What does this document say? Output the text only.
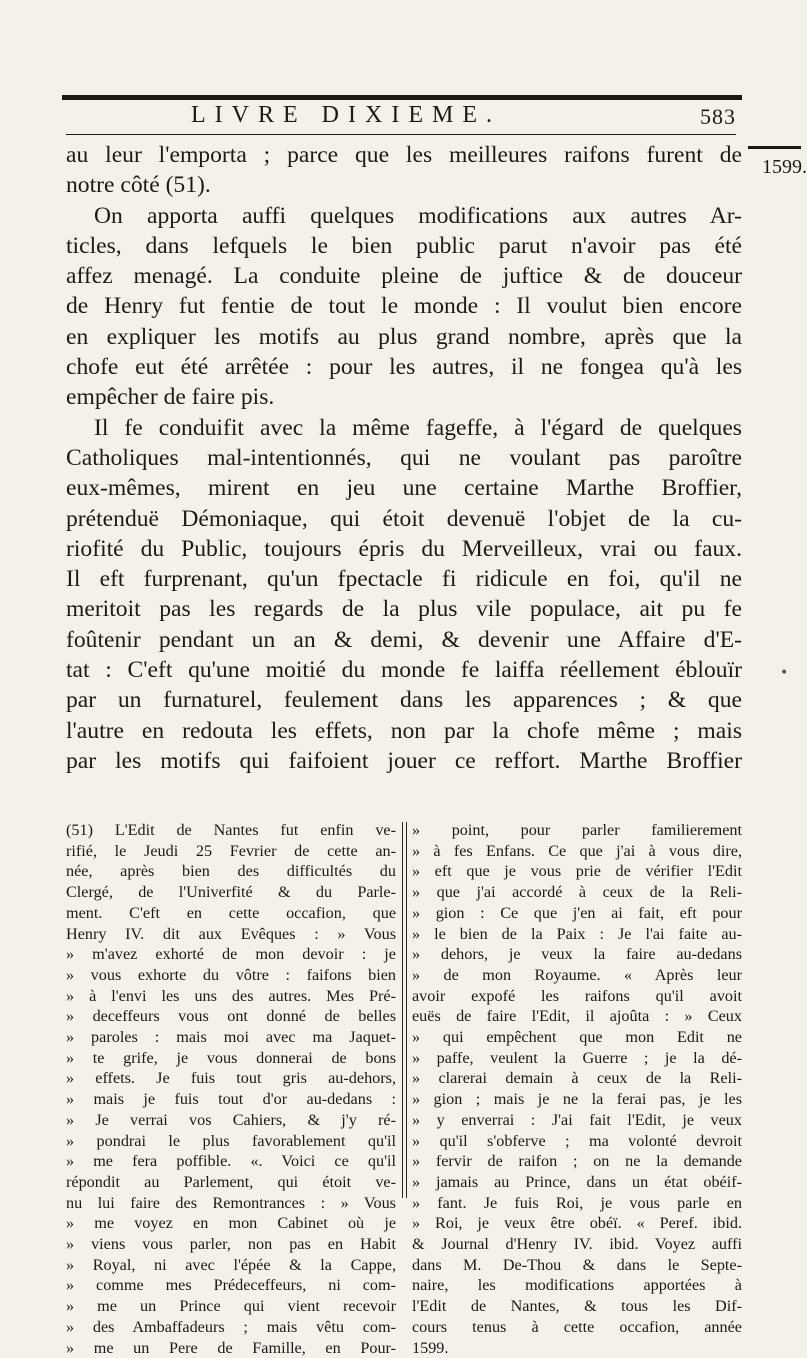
LIVRE DIXIEME.	583
1599.
•

au leur l'emporta ; parce que les meilleures raifons furent de

notre côté (51).

On apporta auffi quelques modifications aux autres Ar-

ticles, dans lefquels le bien public parut n'avoir pas été

affez menagé. La conduite pleine de juftice & de douceur

de Henry fut fentie de tout le monde : Il voulut bien encore

en expliquer les motifs au plus grand nombre, après que la

chofe eut été arrêtée : pour les autres, il ne fongea qu'à les

empêcher de faire pis.

Il fe conduifit avec la même fageffe, à l'égard de quelques

Catholiques mal-intentionnés, qui ne voulant pas paroître

eux-mêmes, mirent en jeu une certaine Marthe Broffier,

prétenduë Démoniaque, qui étoit devenuë l'objet de la cu-

riofité du Public, toujours épris du Merveilleux, vrai ou faux.

Il eft furprenant, qu'un fpectacle fi ridicule en foi, qu'il ne

meritoit pas les regards de la plus vile populace, ait pu fe

foûtenir pendant un an & demi, & devenir une Affaire d'E-

tat : C'eft qu'une moitié du monde fe laiffa réellement éblouïr

par un furnaturel, feulement dans les apparences ; & que

l'autre en redouta les effets, non par la chofe même ; mais

par les motifs qui faifoient jouer ce reffort. Marthe Broffier

(51) L'Edit de Nantes fut enfin ve-

rifié, le Jeudi 25 Fevrier de cette an-

née, après bien des difficultés du

Clergé, de l'Univerfité & du Parle-

ment. C'eft en cette occafion, que

Henry IV. dit aux Evêques : » Vous

» m'avez exhorté de mon devoir : je

» vous exhorte du vôtre : faifons bien

» à l'envi les uns des autres. Mes Pré-

» deceffeurs vous ont donné de belles

» paroles : mais moi avec ma Jaquet-

» te grife, je vous donnerai de bons

» effets. Je fuis tout gris au-dehors,

» mais je fuis tout d'or au-dedans :

» Je verrai vos Cahiers, & j'y ré-

» pondrai le plus favorablement qu'il

» me fera poffible. «. Voici ce qu'il

répondit au Parlement, qui étoit ve-

nu lui faire des Remontrances : » Vous

» me voyez en mon Cabinet où je

» viens vous parler, non pas en Habit

» Royal, ni avec l'épée & la Cappe,

» comme mes Prédeceffeurs, ni com-

» me un Prince qui vient recevoir

» des Ambaffadeurs ; mais vêtu com-

» me un Pere de Famille, en Pour-

» point, pour parler familierement

» à fes Enfans. Ce que j'ai à vous dire,

» eft que je vous prie de vérifier l'Edit

» que j'ai accordé à ceux de la Reli-

» gion : Ce que j'en ai fait, eft pour

» le bien de la Paix : Je l'ai faite au-

» dehors, je veux la faire au-dedans

» de mon Royaume. « Après leur

avoir expofé les raifons qu'il avoit

euës de faire l'Edit, il ajoûta : » Ceux

» qui empêchent que mon Edit ne

» paffe, veulent la Guerre ; je la dé-

» clarerai demain à ceux de la Reli-

» gion ; mais je ne la ferai pas, je les

» y enverrai : J'ai fait l'Edit, je veux

» qu'il s'obferve ; ma volonté devroit

» fervir de raifon ; on ne la demande

» jamais au Prince, dans un état obéif-

» fant. Je fuis Roi, je vous parle en

» Roi, je veux être obéï. « Peref. ibid.

& Journal d'Henry IV. ibid. Voyez auffi

dans M. De-Thou & dans le Septe-

naire, les modifications apportées à

l'Edit de Nantes, & tous les Dif-

cours tenus à cette occafion, année

1599.
